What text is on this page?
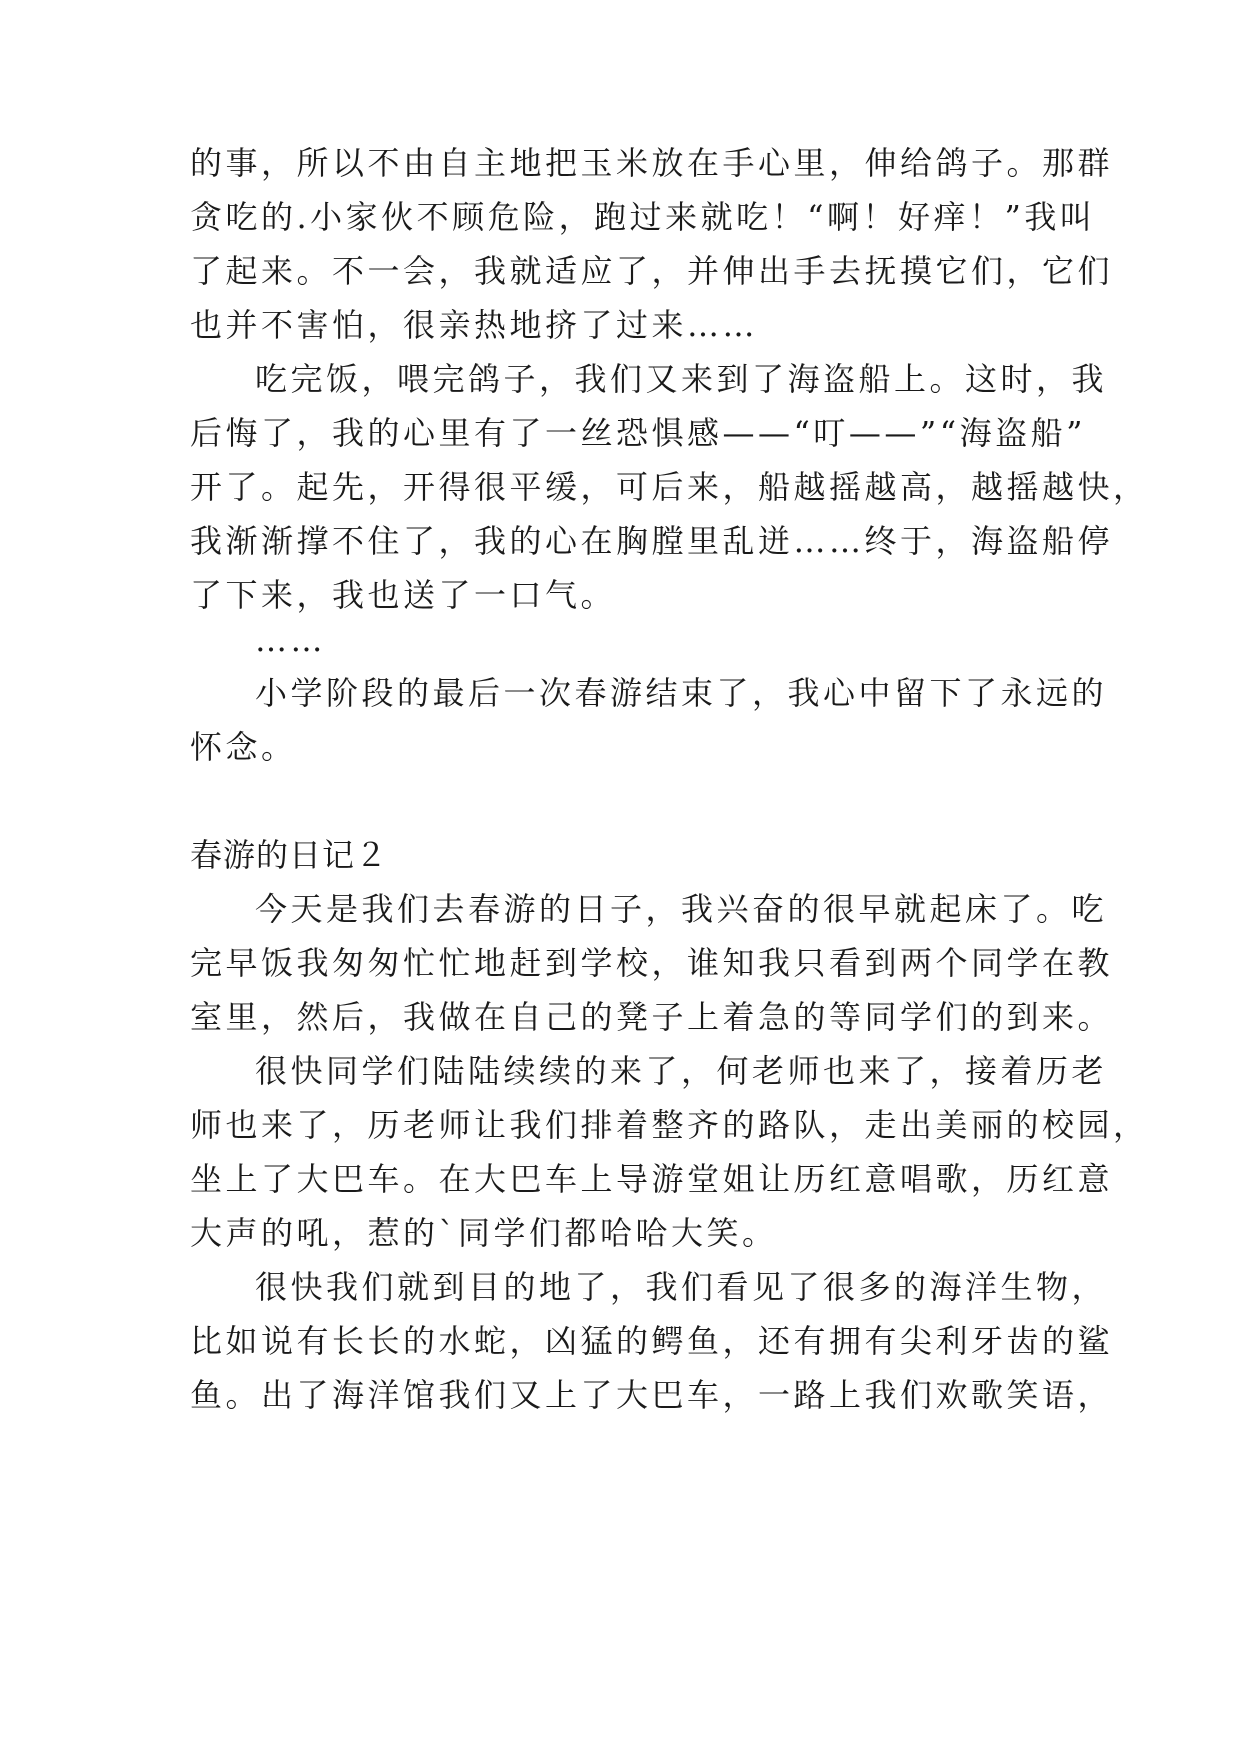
的事，所以不由自主地把玉米放在手心里，伸给鸽子。那群
贪吃的.小家伙不顾危险，跑过来就吃！“啊！好痒！”我叫
了起来。不一会，我就适应了，并伸出手去抚摸它们，它们
也并不害怕，很亲热地挤了过来……
吃完饭，喂完鸽子，我们又来到了海盗船上。这时，我
后悔了，我的心里有了一丝恐惧感——“叮——”“海盗船”
开了。起先，开得很平缓，可后来，船越摇越高，越摇越快，
我渐渐撑不住了，我的心在胸膛里乱迸……终于，海盗船停
了下来，我也送了一口气。
……
小学阶段的最后一次春游结束了，我心中留下了永远的
怀念。
春游的日记２
今天是我们去春游的日子，我兴奋的很早就起床了。吃
完早饭我匆匆忙忙地赶到学校，谁知我只看到两个同学在教
室里，然后，我做在自己的凳子上着急的等同学们的到来。
很快同学们陆陆续续的来了，何老师也来了，接着历老
师也来了，历老师让我们排着整齐的路队，走出美丽的校园，
坐上了大巴车。在大巴车上导游堂姐让历红意唱歌，历红意
大声的吼，惹的`同学们都哈哈大笑。
很快我们就到目的地了，我们看见了很多的海洋生物，
比如说有长长的水蛇，凶猛的鳄鱼，还有拥有尖利牙齿的鲨
鱼。出了海洋馆我们又上了大巴车，一路上我们欢歌笑语，
